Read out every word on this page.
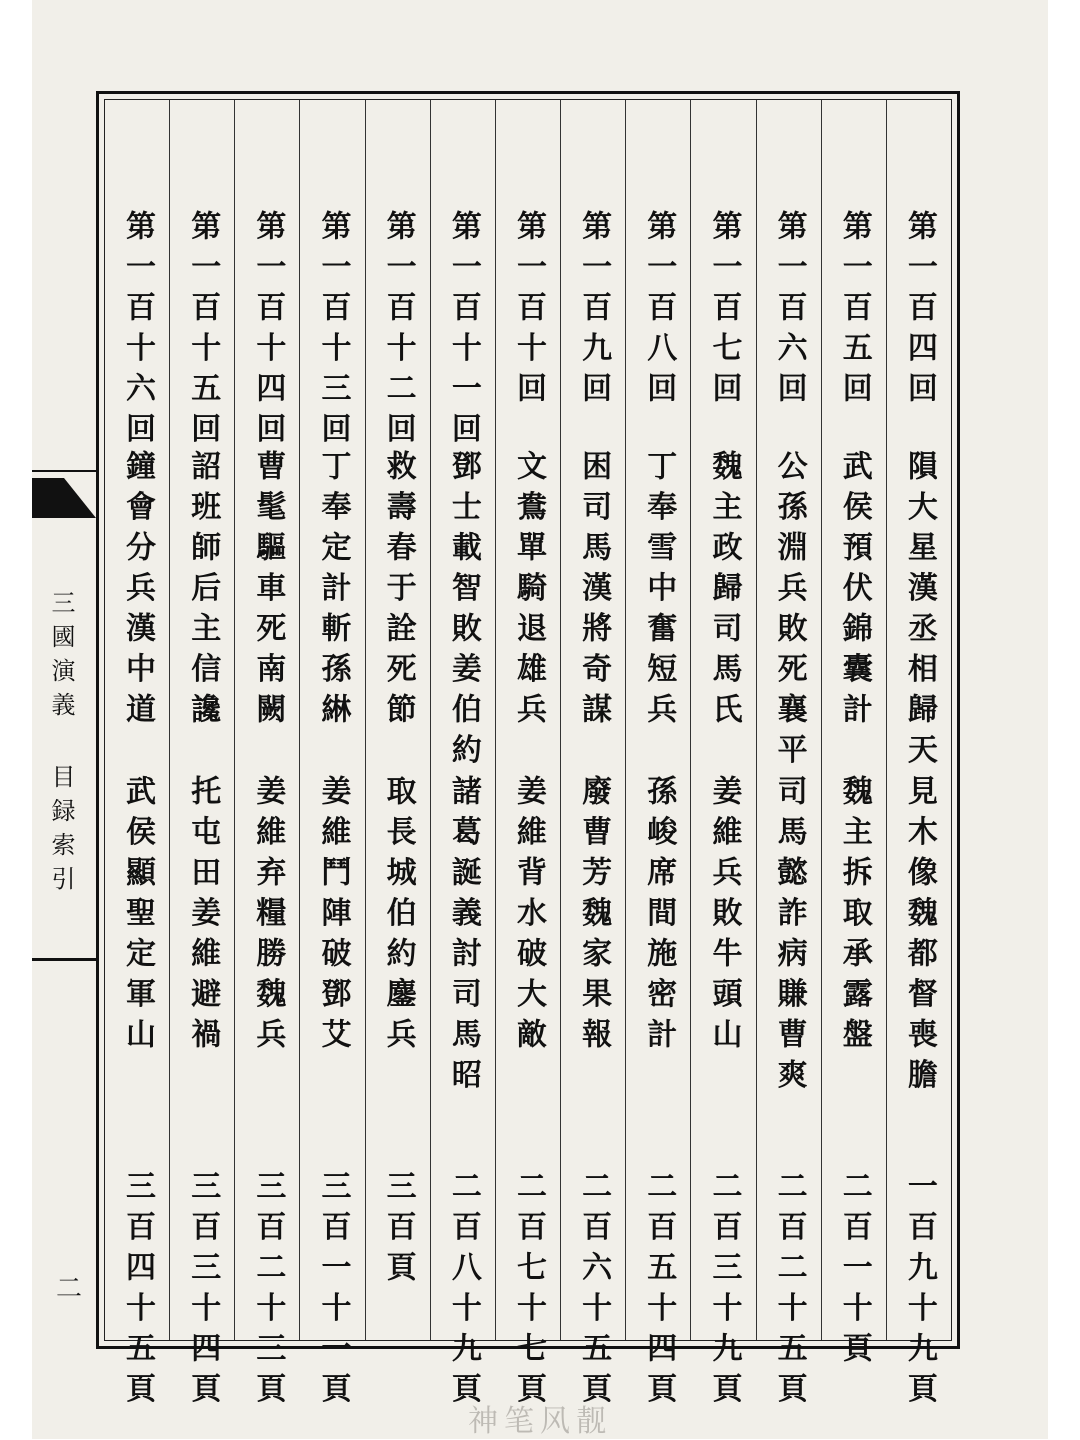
三國演義 目録索引
二
第一百四回
隕大星漢丞相歸天
見木像魏都督喪膽
一百九十九頁
第一百五回
武侯預伏錦囊計
魏主拆取承露盤
二百一十頁
第一百六回
公孫淵兵敗死襄平
司馬懿詐病賺曹爽
二百二十五頁
第一百七回
魏主政歸司馬氏
姜維兵敗牛頭山
二百三十九頁
第一百八回
丁奉雪中奮短兵
孫峻席間施密計
二百五十四頁
第一百九回
困司馬漢將奇謀
廢曹芳魏家果報
二百六十五頁
第一百十回
文鴦單騎退雄兵
姜維背水破大敵
二百七十七頁
第一百十一回
鄧士載智敗姜伯約
諸葛誕義討司馬昭
二百八十九頁
第一百十二回
救壽春于詮死節
取長城伯約鏖兵
三百頁
第一百十三回
丁奉定計斬孫綝
姜維鬥陣破鄧艾
三百一十一頁
第一百十四回
曹髦驅車死南闕
姜維弃糧勝魏兵
三百二十三頁
第一百十五回
詔班師后主信讒
托屯田姜維避禍
三百三十四頁
第一百十六回
鐘會分兵漢中道
武侯顯聖定軍山
三百四十五頁
神笔风靓
